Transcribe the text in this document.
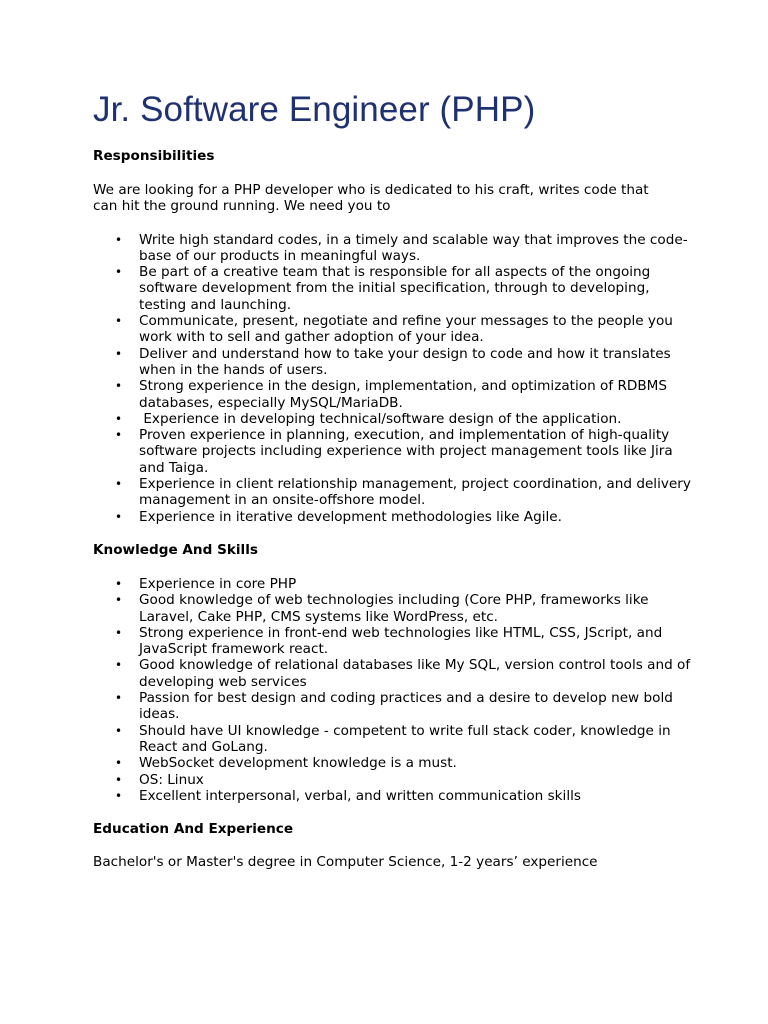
Jr. Software Engineer (PHP)
Responsibilities

We are looking for a PHP developer who is dedicated to his craft, writes code that can hit the ground running. We need you to

• Write high standard codes, in a timely and scalable way that improves the code-base of our products in meaningful ways.
• Be part of a creative team that is responsible for all aspects of the ongoing software development from the initial specification, through to developing, testing and launching.
• Communicate, present, negotiate and refine your messages to the people you work with to sell and gather adoption of your idea.
• Deliver and understand how to take your design to code and how it translates when in the hands of users.
• Strong experience in the design, implementation, and optimization of RDBMS databases, especially MySQL/MariaDB.
• Experience in developing technical/software design of the application.
• Proven experience in planning, execution, and implementation of high-quality software projects including experience with project management tools like Jira and Taiga.
• Experience in client relationship management, project coordination, and delivery management in an onsite-offshore model.
• Experience in iterative development methodologies like Agile.
Knowledge And Skills
• Experience in core PHP
• Good knowledge of web technologies including (Core PHP, frameworks like Laravel, Cake PHP, CMS systems like WordPress, etc.
• Strong experience in front-end web technologies like HTML, CSS, JScript, and JavaScript framework react.
• Good knowledge of relational databases like My SQL, version control tools and of developing web services
• Passion for best design and coding practices and a desire to develop new bold ideas.
• Should have UI knowledge - competent to write full stack coder, knowledge in React and GoLang.
• WebSocket development knowledge is a must.
• OS: Linux
• Excellent interpersonal, verbal, and written communication skills
Education And Experience

Bachelor's or Master's degree in Computer Science, 1-2 years’ experience
